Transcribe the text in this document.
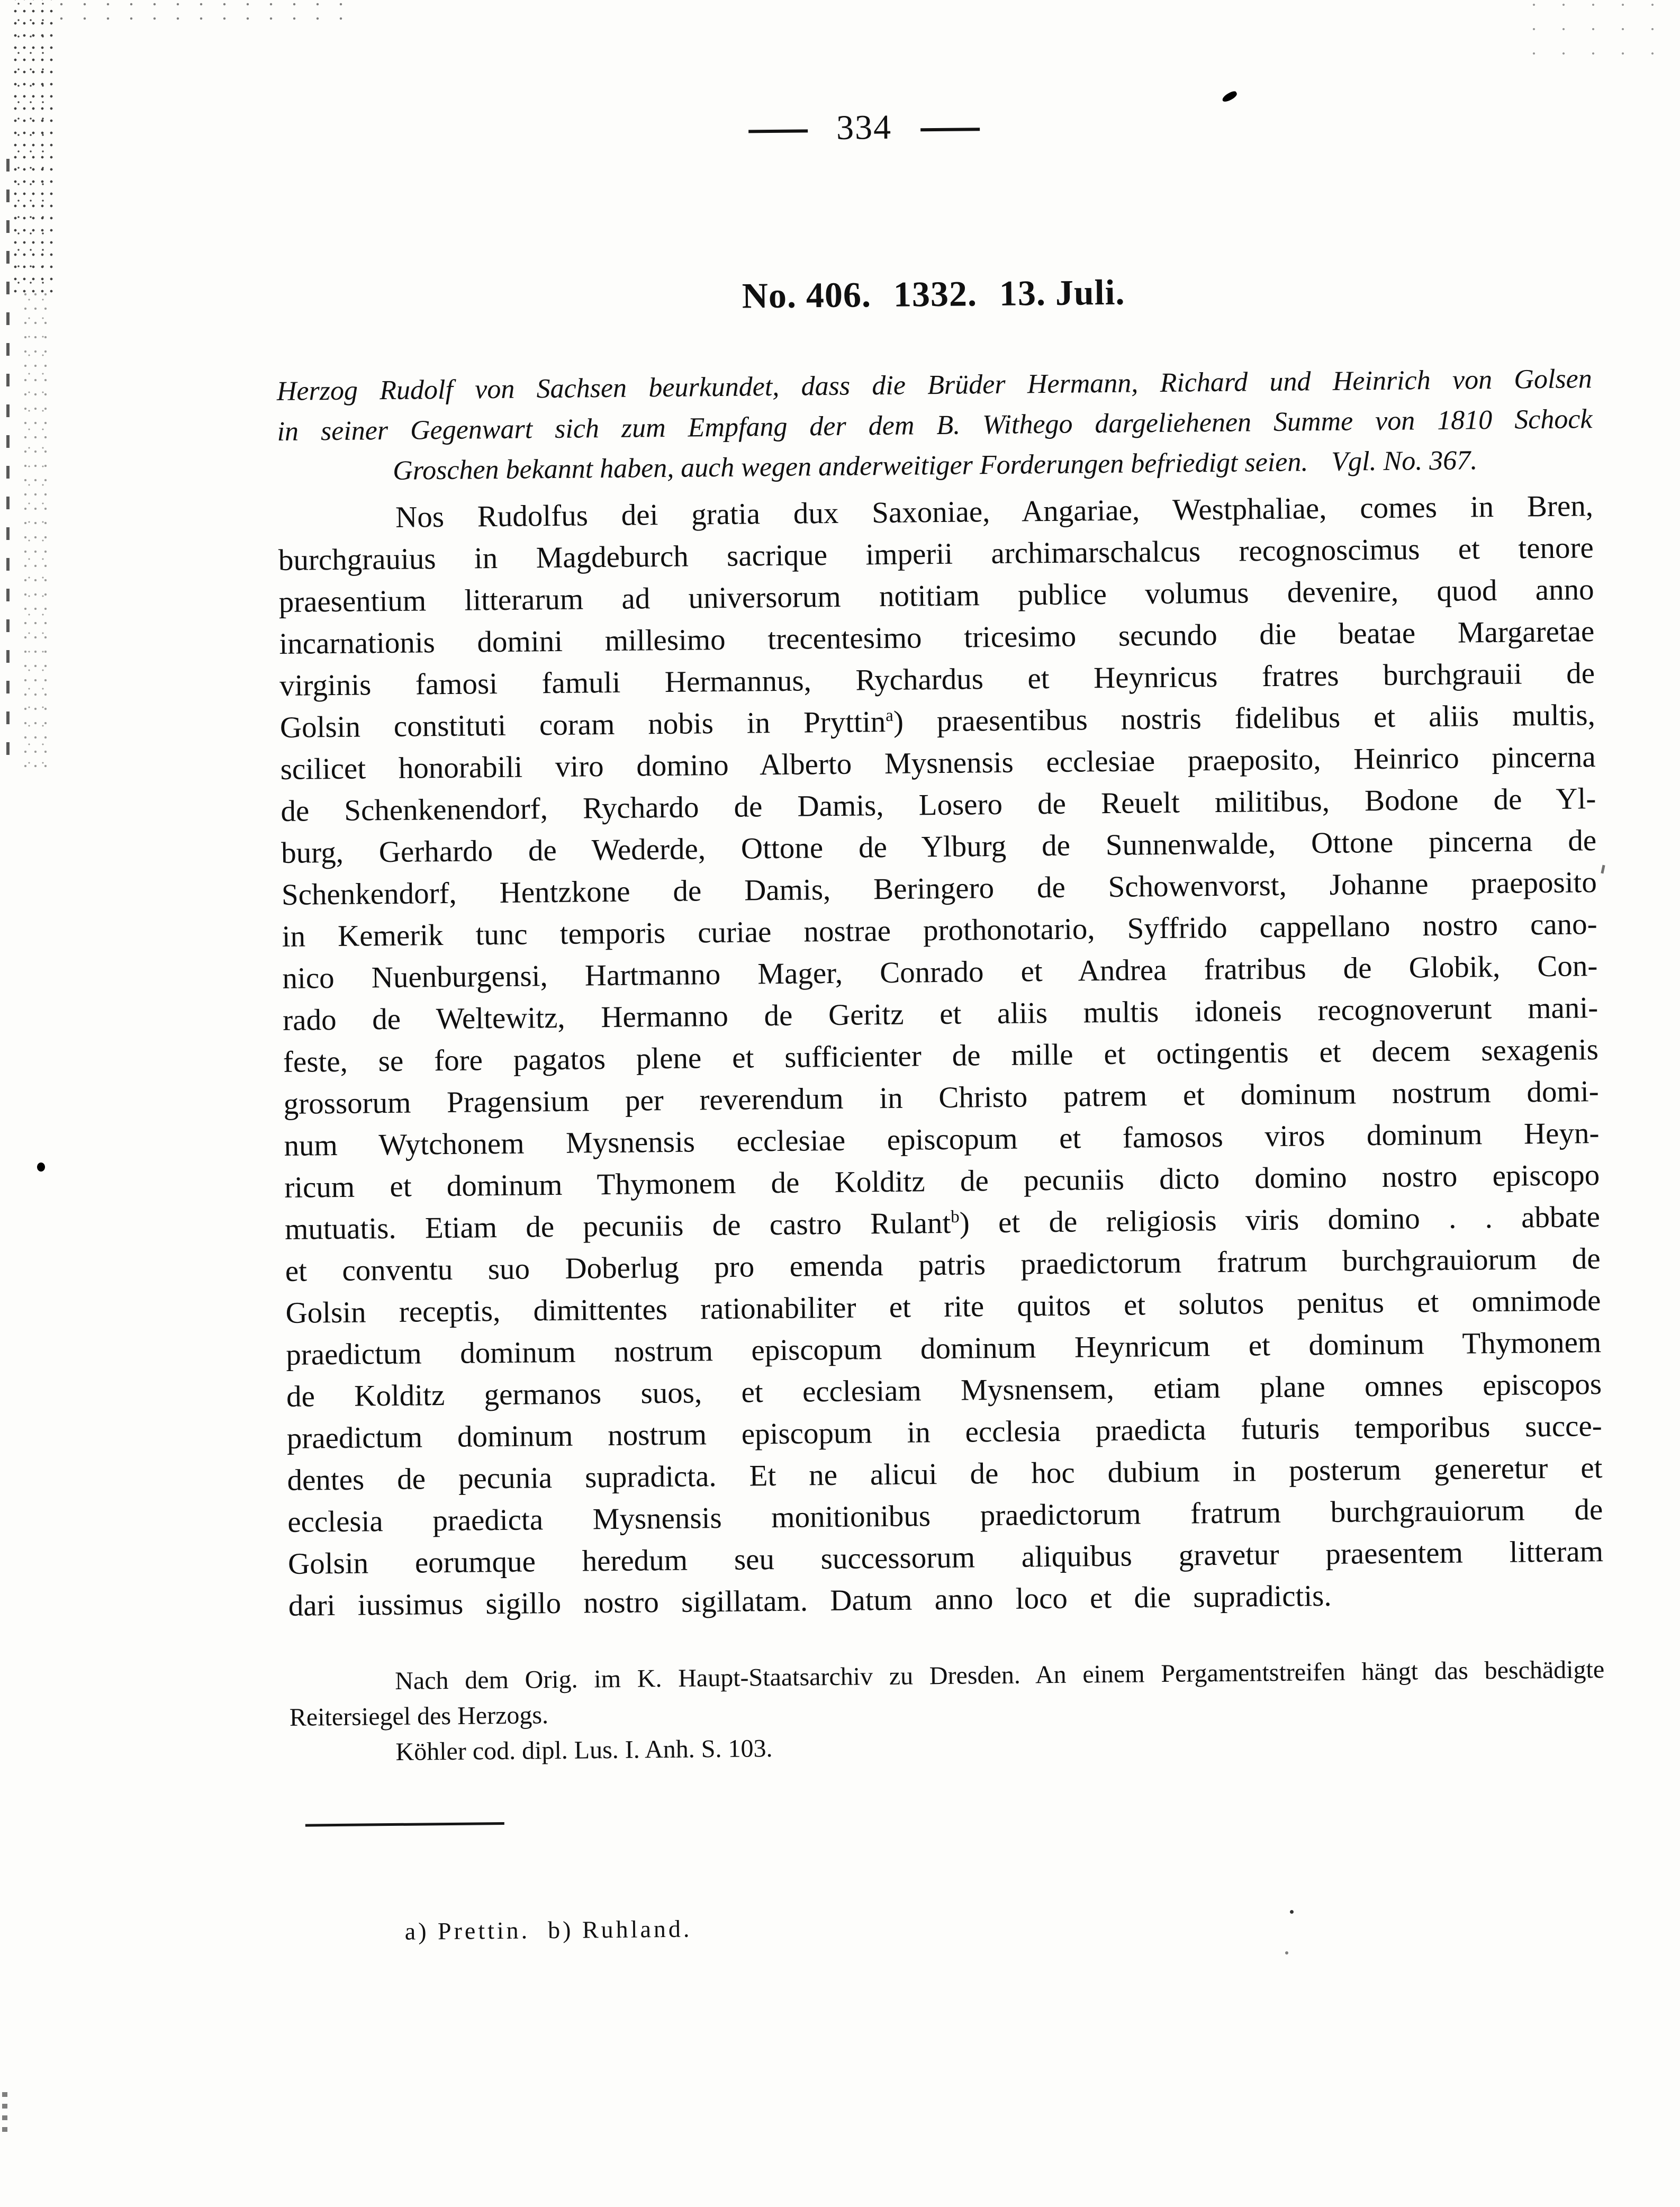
334
No. 406. 1332. 13. Juli.
Herzog Rudolf von Sachsen beurkundet, dass die Brüder Hermann, Richard und Heinrich von Golsen
in seiner Gegenwart sich zum Empfang der dem B. Withego dargeliehenen Summe von 1810 Schock
Groschen bekannt haben, auch wegen anderweitiger Forderungen befriedigt seien. Vgl. No. 367.
Nos Rudolfus dei gratia dux Saxoniae, Angariae, Westphaliae, comes in Bren,
burchgrauius in Magdeburch sacrique imperii archimarschalcus recognoscimus et tenore
praesentium litterarum ad universorum notitiam publice volumus devenire, quod anno
incarnationis domini millesimo trecentesimo tricesimo secundo die beatae Margaretae
virginis famosi famuli Hermannus, Rychardus et Heynricus fratres burchgrauii de
Golsin constituti coram nobis in Pryttin$^a$) praesentibus nostris fidelibus et aliis multis,
scilicet honorabili viro domino Alberto Mysnensis ecclesiae praeposito, Heinrico pincerna
de Schenkenendorf, Rychardo de Damis, Losero de Reuelt militibus, Bodone de Yl-
burg, Gerhardo de Wederde, Ottone de Ylburg de Sunnenwalde, Ottone pincerna de
Schenkendorf, Hentzkone de Damis, Beringero de Schowenvorst, Johanne praeposito
in Kemerik tunc temporis curiae nostrae prothonotario, Syffrido cappellano nostro cano-
nico Nuenburgensi, Hartmanno Mager, Conrado et Andrea fratribus de Globik, Con-
rado de Weltewitz, Hermanno de Geritz et aliis multis idoneis recognoverunt mani-
feste, se fore pagatos plene et sufficienter de mille et octingentis et decem sexagenis
grossorum Pragensium per reverendum in Christo patrem et dominum nostrum domi-
num Wytchonem Mysnensis ecclesiae episcopum et famosos viros dominum Heyn-
ricum et dominum Thymonem de Kolditz de pecuniis dicto domino nostro episcopo
mutuatis. Etiam de pecuniis de castro Rulant$^b$) et de religiosis viris domino . . abbate
et conventu suo Doberlug pro emenda patris praedictorum fratrum burchgrauiorum de
Golsin receptis, dimittentes rationabiliter et rite quitos et solutos penitus et omnimode
praedictum dominum nostrum episcopum dominum Heynricum et dominum Thymonem
de Kolditz germanos suos, et ecclesiam Mysnensem, etiam plane omnes episcopos
praedictum dominum nostrum episcopum in ecclesia praedicta futuris temporibus succe-
dentes de pecunia supradicta. Et ne alicui de hoc dubium in posterum generetur et
ecclesia praedicta Mysnensis monitionibus praedictorum fratrum burchgrauiorum de
Golsin eorumque heredum seu successorum aliquibus gravetur praesentem litteram
dari iussimus sigillo nostro sigillatam. Datum anno loco et die supradictis.
Nach dem Orig. im K. Haupt-Staatsarchiv zu Dresden. An einem Pergamentstreifen hängt das beschädigte
Reitersiegel des Herzogs.
Köhler cod. dipl. Lus. I. Anh. S. 103.
a) Prettin. b) Ruhland.
